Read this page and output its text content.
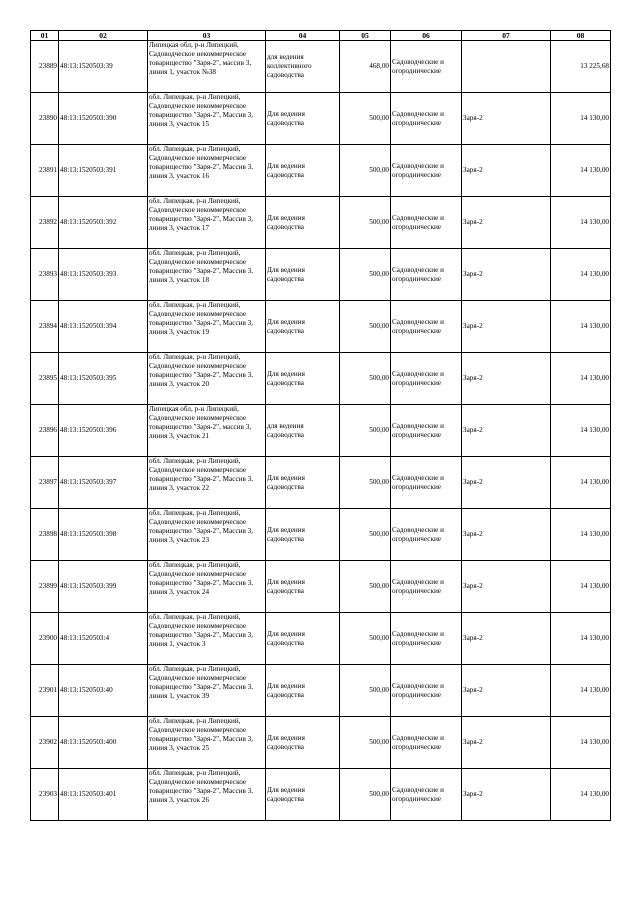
01	02	03	04	05	06	07	08
23889	48:13:1520503:39	Липецкая обл, р-н Липецкий, Садоводческое некоммерческое товарищество "Заря-2", массив 3, линия 1, участок №38	для ведения коллективного садоводства	468,00	Садоводческие и огороднические		13 225,68
23890	48:13:1520503:390	обл. Липецкая, р-н Липецкий, Садоводческое некоммерческое товарищество "Заря-2", Массив 3, линия 3, участок 15	Для ведения садоводства	500,00	Садоводческие и огороднические	Заря-2	14 130,00
23891	48:13:1520503:391	обл. Липецкая, р-н Липецкий, Садоводческое некоммерческое товарищество "Заря-2", Массив 3, линия 3, участок 16	Для ведения садоводства	500,00	Садоводческие и огороднические	Заря-2	14 130,00
23892	48:13:1520503:392	обл. Липецкая, р-н Липецкий, Садоводческое некоммерческое товарищество "Заря-2", Массив 3, линия 3, участок 17	Для ведения садоводства	500,00	Садоводческие и огороднические	Заря-2	14 130,00
23893	48:13:1520503:393	обл. Липецкая, р-н Липецкий, Садоводческое некоммерческое товарищество "Заря-2", Массив 3, линия 3, участок 18	Для ведения садоводства	500,00	Садоводческие и огороднические	Заря-2	14 130,00
23894	48:13:1520503:394	обл. Липецкая, р-н Липецкий, Садоводческое некоммерческое товарищество "Заря-2", Массив 3, линия 3, участок 19	Для ведения садоводства	500,00	Садоводческие и огороднические	Заря-2	14 130,00
23895	48:13:1520503:395	обл. Липецкая, р-н Липецкий, Садоводческое некоммерческое товарищество "Заря-2", Массив 3, линия 3, участок 20	Для ведения садоводства	500,00	Садоводческие и огороднические	Заря-2	14 130,00
23896	48:13:1520503:396	Липецкая обл, р-н Липецкий, Садоводческое некоммерческое товарищество "Заря-2", массив 3, линия 3, участок 21	для ведения садоводства	500,00	Садоводческие и огороднические	Заря-2	14 130,00
23897	48:13:1520503:397	обл. Липецкая, р-н Липецкий, Садоводческое некоммерческое товарищество "Заря-2", Массив 3, линия 3, участок 22	Для ведения садоводства	500,00	Садоводческие и огороднические	Заря-2	14 130,00
23898	48:13:1520503:398	обл. Липецкая, р-н Липецкий, Садоводческое некоммерческое товарищество "Заря-2", Массив 3, линия 3, участок 23	Для ведения садоводства	500,00	Садоводческие и огороднические	Заря-2	14 130,00
23899	48:13:1520503:399	обл. Липецкая, р-н Липецкий, Садоводческое некоммерческое товарищество "Заря-2", Массив 3, линия 3, участок 24	Для ведения садоводства	500,00	Садоводческие и огороднические	Заря-2	14 130,00
23900	48:13:1520503:4	обл. Липецкая, р-н Липецкий, Садоводческое некоммерческое товарищество "Заря-2", Массив 3, линия 1, участок 3	Для ведения садоводства	500,00	Садоводческие и огороднические	Заря-2	14 130,00
23901	48:13:1520503:40	обл. Липецкая, р-н Липецкий, Садоводческое некоммерческое товарищество "Заря-2", Массив 3, линия 1, участок 39	Для ведения садоводства	500,00	Садоводческие и огороднические	Заря-2	14 130,00
23902	48:13:1520503:400	обл. Липецкая, р-н Липецкий, Садоводческое некоммерческое товарищество "Заря-2", Массив 3, линия 3, участок 25	Для ведения садоводства	500,00	Садоводческие и огороднические	Заря-2	14 130,00
23903	48:13:1520503:401	обл. Липецкая, р-н Липецкий, Садоводческое некоммерческое товарищество "Заря-2", Массив 3, линия 3, участок 26	Для ведения садоводства	500,00	Садоводческие и огороднические	Заря-2	14 130,00
